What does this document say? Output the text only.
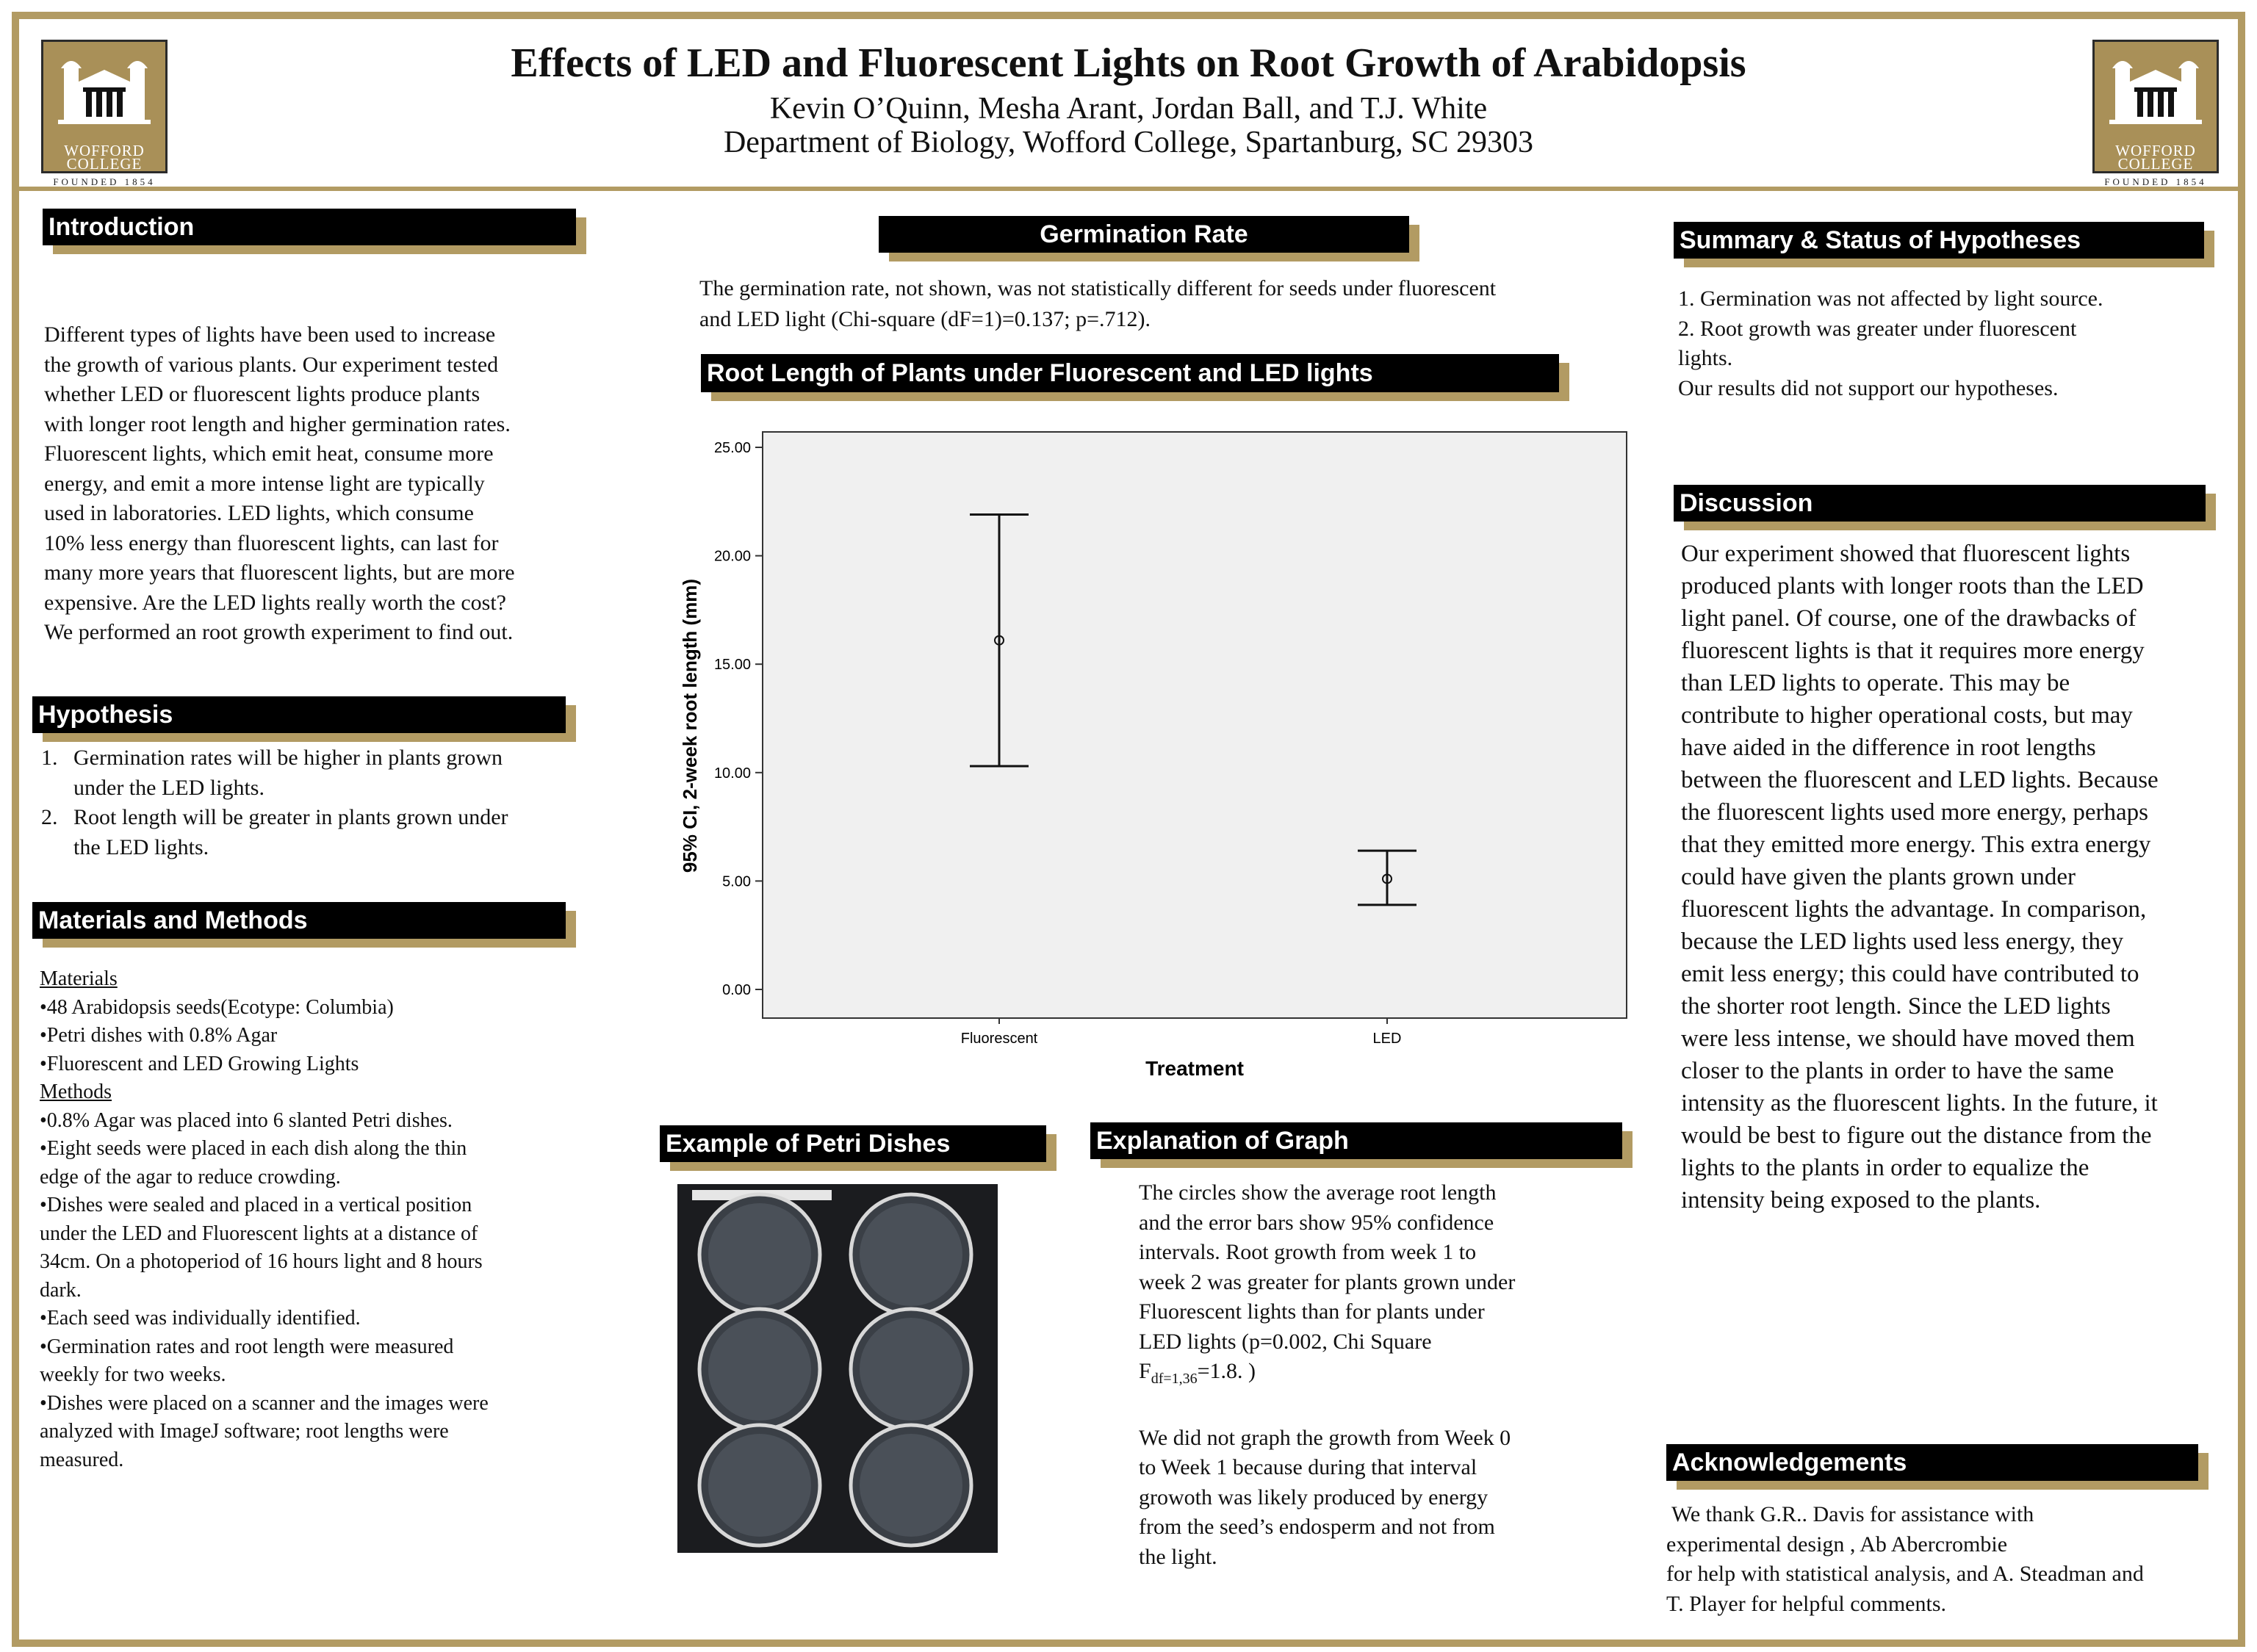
WOFFORD
COLLEGE
FOUNDED 1854
WOFFORD
COLLEGE
FOUNDED 1854
Effects of LED and Fluorescent Lights on Root Growth of Arabidopsis
Kevin O’Quinn, Mesha Arant, Jordan Ball, and T.J. White
Department of Biology, Wofford College, Spartanburg, SC 29303
Introduction

Different types of lights have been used to increase

the growth of various plants. Our experiment tested

whether LED or fluorescent lights produce plants

with longer root length and higher germination rates.

Fluorescent lights, which emit heat, consume more

energy, and emit a more intense light are typically

used in laboratories. LED lights, which consume

10% less energy than fluorescent lights, can last for

many more years that fluorescent lights, but are more

expensive. Are the LED lights really worth the cost?

We performed an root growth experiment to find out.

Hypothesis
1. Germination rates will be higher in plants grown
under the LED lights.
2. Root length will be greater in plants grown under
the LED lights.
Materials and Methods

Materials

•48 Arabidopsis seeds(Ecotype: Columbia)

•Petri dishes with 0.8% Agar

•Fluorescent and LED Growing Lights

Methods

•0.8% Agar was placed into 6 slanted Petri dishes.

•Eight seeds were placed in each dish along the thin

edge of the agar to reduce crowding.

•Dishes were sealed and placed in a vertical position

under the LED and Fluorescent lights at a distance of

34cm. On a photoperiod of 16 hours light and 8 hours

dark.

•Each seed was individually identified.

•Germination rates and root length were measured

weekly for two weeks.

•Dishes were placed on a scanner and the images were

analyzed with ImageJ software; root lengths were

measured.

Germination Rate

The germination rate, not shown, was not statistically different for seeds under fluorescent

and LED light (Chi-square (dF=1)=0.137; p=.712).

Root Length of Plants under Fluorescent and LED lights
0.00
5.00
10.00
15.00
20.00
25.00
Fluorescent	LED
95% CI, 2-week root length (mm)
Treatment
Example of Petri Dishes	Explanation of Graph

The circles show the average root length

and the error bars show 95% confidence

intervals. Root growth from week 1 to

week 2 was greater for plants grown under

Fluorescent lights than for plants under

LED lights (p=0.002, Chi Square

$F_{df=1,36}=1.8$. )

We did not graph the growth from Week 0

to Week 1 because during that interval

growoth was likely produced by energy

from the seed’s endosperm and not from

the light.

Summary & Status of Hypotheses

1. Germination was not affected by light source.

2. Root growth was greater under fluorescent

lights.

Our results did not support our hypotheses.

Discussion
Our experiment showed that fluorescent lights
produced plants with longer roots than the LED
light panel. Of course, one of the drawbacks of
fluorescent lights is that it requires more energy
than LED lights to operate. This may be
contribute to higher operational costs, but may
have aided in the difference in root lengths
between the fluorescent and LED lights. Because
the fluorescent lights used more energy, perhaps
that they emitted more energy. This extra energy
could have given the plants grown under
fluorescent lights the advantage. In comparison,
because the LED lights used less energy, they
emit less energy; this could have contributed to
the shorter root length. Since the LED lights
were less intense, we should have moved them
closer to the plants in order to have the same
intensity as the fluorescent lights. In the future, it
would be best to figure out the distance from the
lights to the plants in order to equalize the
intensity being exposed to the plants.
Acknowledgements

We thank G.R.. Davis for assistance with

experimental design , Ab Abercrombie

for help with statistical analysis, and A. Steadman and

T. Player for helpful comments.
